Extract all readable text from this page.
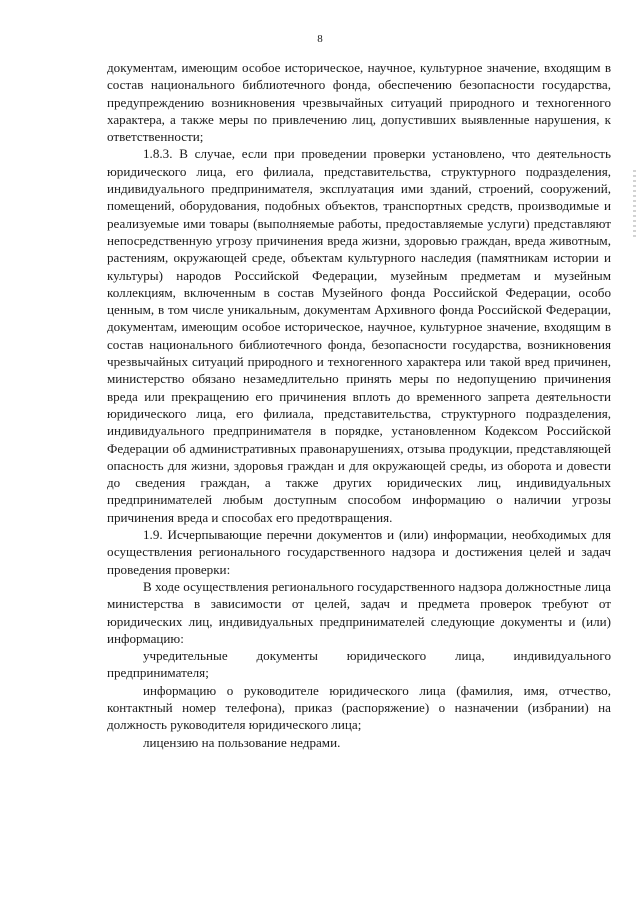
8

документам, имеющим особое историческое, научное, культурное значение, входящим в состав национального библиотечного фонда, обеспечению безопасности государства, предупреждению возникновения чрезвычайных ситуаций природного и техногенного характера, а также меры по привлечению лиц, допустивших выявленные нарушения, к ответственности;

1.8.3. В случае, если при проведении проверки установлено, что деятельность юридического лица, его филиала, представительства, структурного подразделения, индивидуального предпринимателя, эксплуатация ими зданий, строений, сооружений, помещений, оборудования, подобных объектов, транспортных средств, производимые и реализуемые ими товары (выполняемые работы, предоставляемые услуги) представляют непосредственную угрозу причинения вреда жизни, здоровью граждан, вреда животным, растениям, окружающей среде, объектам культурного наследия (памятникам истории и культуры) народов Российской Федерации, музейным предметам и музейным коллекциям, включенным в состав Музейного фонда Российской Федерации, особо ценным, в том числе уникальным, документам Архивного фонда Российской Федерации, документам, имеющим особое историческое, научное, культурное значение, входящим в состав национального библиотечного фонда, безопасности государства, возникновения чрезвычайных ситуаций природного и техногенного характера или такой вред причинен, министерство обязано незамедлительно принять меры по недопущению причинения вреда или прекращению его причинения вплоть до временного запрета деятельности юридического лица, его филиала, представительства, структурного подразделения, индивидуального предпринимателя в порядке, установленном Кодексом Российской Федерации об административных правонарушениях, отзыва продукции, представляющей опасность для жизни, здоровья граждан и для окружающей среды, из оборота и довести до сведения граждан, а также других юридических лиц, индивидуальных предпринимателей любым доступным способом информацию о наличии угрозы причинения вреда и способах его предотвращения.

1.9. Исчерпывающие перечни документов и (или) информации, необходимых для осуществления регионального государственного надзора и достижения целей и задач проведения проверки:

В ходе осуществления регионального государственного надзора должностные лица министерства в зависимости от целей, задач и предмета проверок требуют от юридических лиц, индивидуальных предпринимателей следующие документы и (или) информацию:

учредительные документы юридического лица, индивидуального предпринимателя;

информацию о руководителе юридического лица (фамилия, имя, отчество, контактный номер телефона), приказ (распоряжение) о назначении (избрании) на должность руководителя юридического лица;

лицензию на пользование недрами.
